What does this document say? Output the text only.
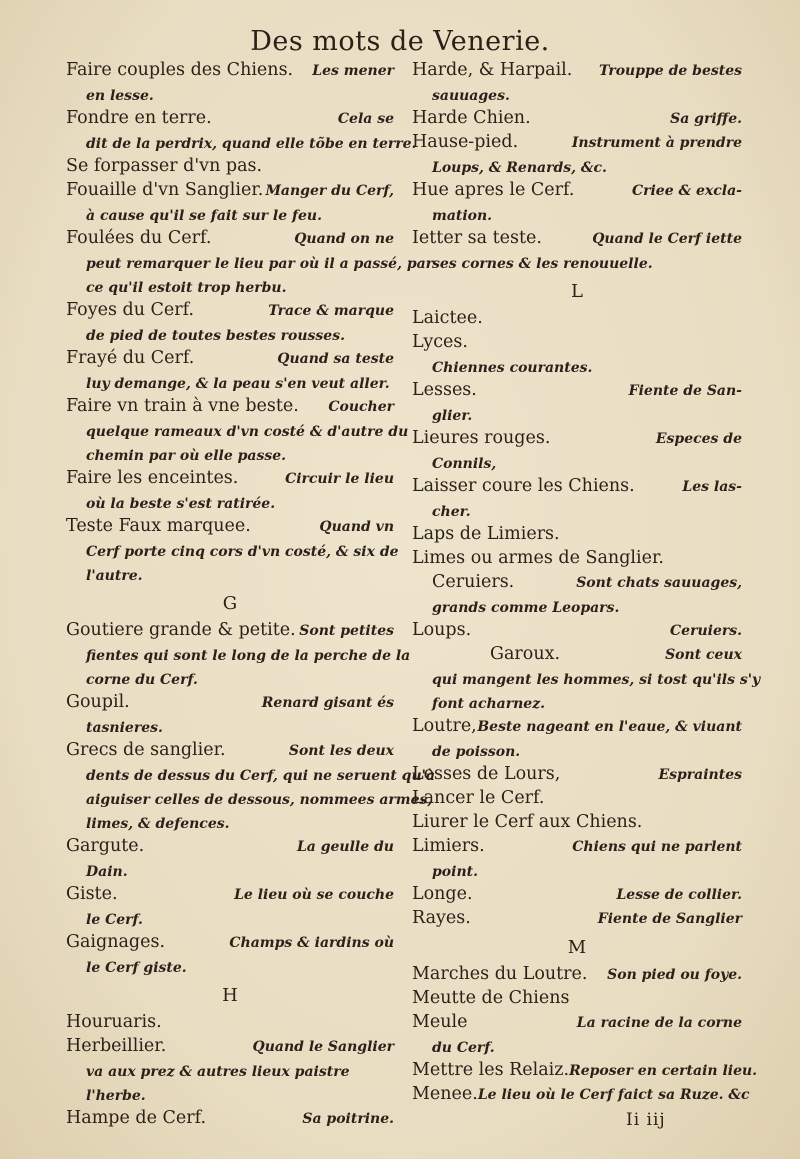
Des mots de Venerie.
Faire couples des Chiens. Les mener
en lesse.
Fondre en terre.	Cela se
dit de la perdrix, quand elle tõbe en terre.
Se forpasser d'vn pas.
Fouaille d'vn Sanglier. Manger du Cerf,
à cause qu'il se fait sur le feu.
Foulées du Cerf.	Quand on ne
peut remarquer le lieu par où il a passé, par
ce qu'il estoit trop herbu.
Foyes du Cerf.	Trace & marque
de pied de toutes bestes rousses.
Frayé du Cerf.	Quand sa teste
luy demange, & la peau s'en veut aller.
Faire vn train à vne beste. Coucher
quelque rameaux d'vn costé & d'autre du
chemin par où elle passe.
Faire les enceintes.	Circuir le lieu
où la beste s'est ratirée.
Teste Faux marquee.	Quand vn
Cerf porte cinq cors d'vn costé, & six de
l'autre.
G
Goutiere grande & petite. Sont petites
fientes qui sont le long de la perche de la
corne du Cerf.
Goupil.	Renard gisant és
tasnieres.
Grecs de sanglier.	Sont les deux
dents de dessus du Cerf, qui ne seruent qu'à
aiguiser celles de dessous, nommees armes,
limes, & defences.
Gargute.	La geulle du
Dain.
Giste.	Le lieu où se couche
le Cerf.
Gaignages.	Champs & iardins où
le Cerf giste.
H
Houruaris.
Herbeillier.	Quand le Sanglier
va aux prez & autres lieux paistre
l'herbe.
Hampe de Cerf.	Sa poitrine.
Harde, & Harpail. Trouppe de bestes
sauuages.
Harde Chien.	Sa griffe.
Hause-pied.	Instrument à prendre
Loups, & Renards, &c.
Hue apres le Cerf.	Criee & excla-
mation.
Ietter sa teste.	Quand le Cerf iette
ses cornes & les renouuelle.
L
Laictee.
Lyces.
Chiennes courantes.
Lesses.	Fiente de San-
glier.
Lieures rouges.	Especes de
Connils,
Laisser coure les Chiens.	Les las-
cher.
Laps de Limiers.
Limes ou armes de Sanglier.
Ceruiers.	Sont chats sauuages,
grands comme Leopars.
Loups.	Ceruiers.
Garoux.	Sont ceux
qui mangent les hommes, si tost qu'ils s'y
font acharnez.
Loutre, Beste nageant en l'eaue, & viuant
de poisson.
Lesses de Lours,	Espraintes
Lancer le Cerf.
Liurer le Cerf aux Chiens.
Limiers.	Chiens qui ne parlent
point.
Longe.	Lesse de collier.
Rayes.	Fiente de Sanglier
M
Marches du Loutre. Son pied ou foye.
Meutte de Chiens
Meule	La racine de la corne
du Cerf.
Mettre les Relaiz. Reposer en certain lieu.
Menee. Le lieu où le Cerf faict sa Ruze. &c
Ii iij
